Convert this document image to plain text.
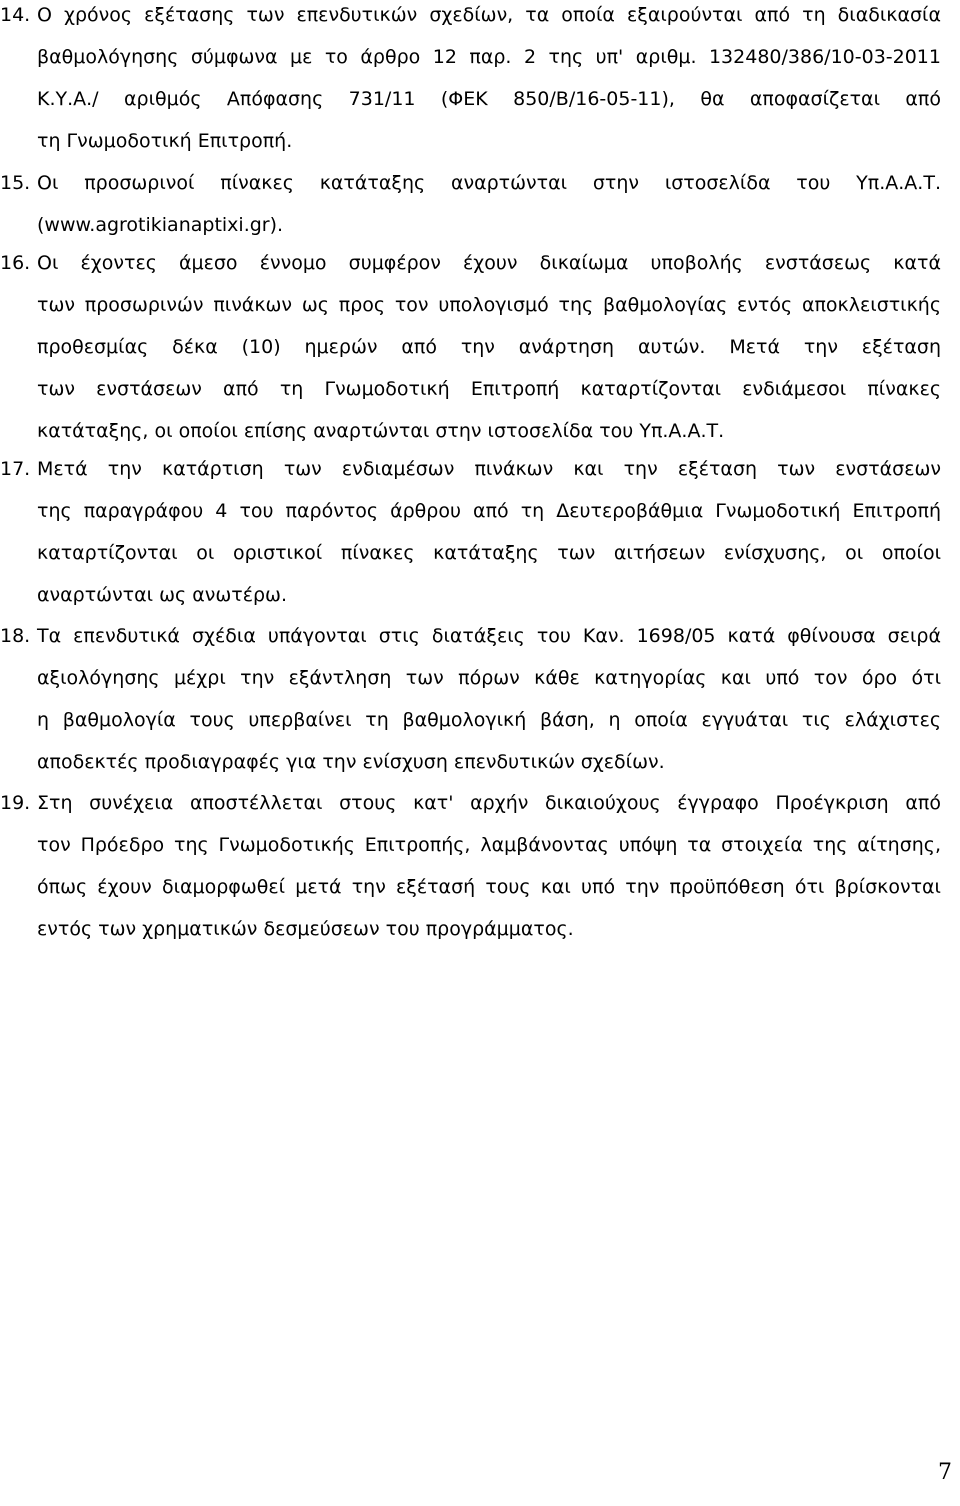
14. Ο χρόνος εξέτασης των επενδυτικών σχεδίων, τα οποία εξαιρούνται από τη διαδικασία
βαθμολόγησης σύμφωνα με το άρθρο 12 παρ. 2 της υπ' αριθμ. 132480/386/10-03-2011
Κ.Υ.Α./ αριθμός Απόφασης 731/11 (ΦΕΚ 850/Β/16-05-11), θα αποφασίζεται από
τη Γνωμοδοτική Επιτροπή.
15. Οι προσωρινοί πίνακες κατάταξης αναρτώνται στην ιστοσελίδα του Υπ.Α.Α.Τ.
(www.agrotikianaptixi.gr).
16. Οι έχοντες άμεσο έννομο συμφέρον έχουν δικαίωμα υποβολής ενστάσεως κατά
των προσωρινών πινάκων ως προς τον υπολογισμό της βαθμολογίας εντός αποκλειστικής
προθεσμίας δέκα (10) ημερών από την ανάρτηση αυτών. Μετά την εξέταση
των ενστάσεων από τη Γνωμοδοτική Επιτροπή καταρτίζονται ενδιάμεσοι πίνακες
κατάταξης, οι οποίοι επίσης αναρτώνται στην ιστοσελίδα του Υπ.Α.Α.Τ.
17. Μετά την κατάρτιση των ενδιαμέσων πινάκων και την εξέταση των ενστάσεων
της παραγράφου 4 του παρόντος άρθρου από τη Δευτεροβάθμια Γνωμοδοτική Επιτροπή
καταρτίζονται οι οριστικοί πίνακες κατάταξης των αιτήσεων ενίσχυσης, οι οποίοι
αναρτώνται ως ανωτέρω.
18. Τα επενδυτικά σχέδια υπάγονται στις διατάξεις του Καν. 1698/05 κατά φθίνουσα σειρά
αξιολόγησης μέχρι την εξάντληση των πόρων κάθε κατηγορίας και υπό τον όρο ότι
η βαθμολογία τους υπερβαίνει τη βαθμολογική βάση, η οποία εγγυάται τις ελάχιστες
αποδεκτές προδιαγραφές για την ενίσχυση επενδυτικών σχεδίων.
19. Στη συνέχεια αποστέλλεται στους κατ' αρχήν δικαιούχους έγγραφο Προέγκριση από
τον Πρόεδρο της Γνωμοδοτικής Επιτροπής, λαμβάνοντας υπόψη τα στοιχεία της αίτησης,
όπως έχουν διαμορφωθεί μετά την εξέτασή τους και υπό την προϋπόθεση ότι βρίσκονται
εντός των χρηματικών δεσμεύσεων του προγράμματος.
7
